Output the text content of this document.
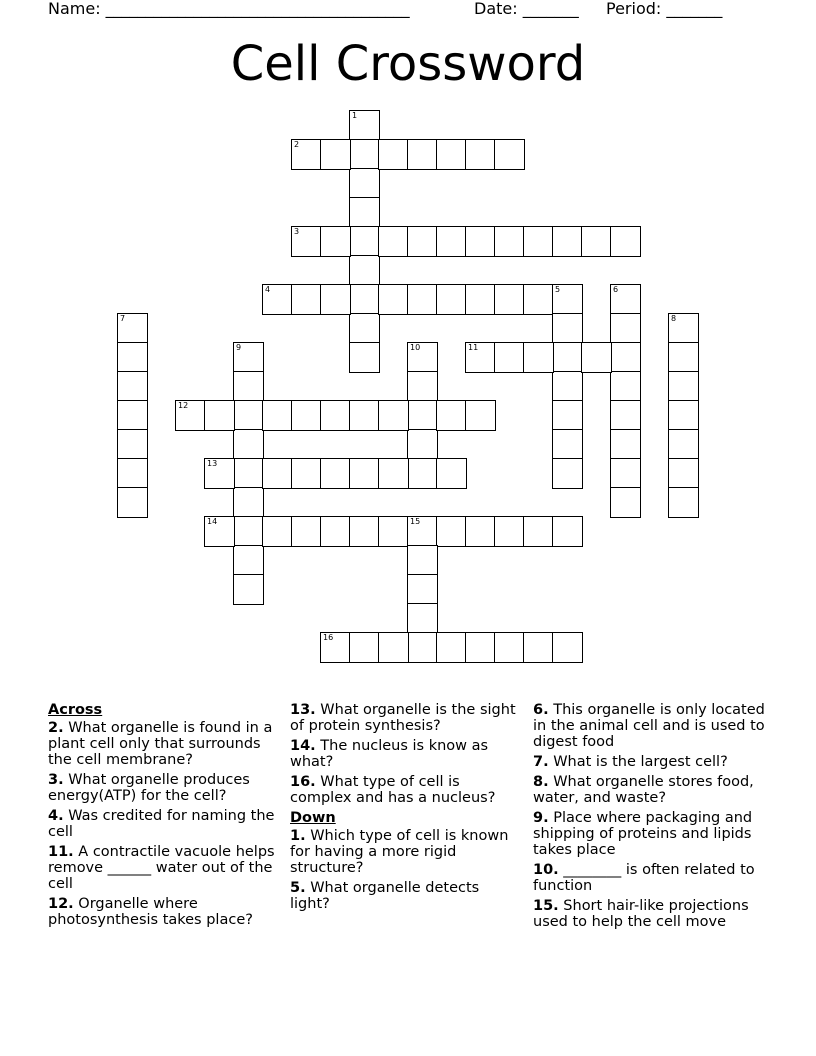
Name: ______________________________________	Date: _______ Period: _______
Cell Crossword
1
2
3
4	5	6
7	8
9	10	11
12
13
14	15
16
Across
2. What organelle is found in a plant cell only that surrounds the cell membrane?
3. What organelle produces energy(ATP) for the cell?
4. Was credited for naming the cell
11. A contractile vacuole helps remove ______ water out of the cell
12. Organelle where photosynthesis takes place?
13. What organelle is the sight of protein synthesis?
14. The nucleus is know as what?
16. What type of cell is complex and has a nucleus?
Down
1. Which type of cell is known for having a more rigid structure?
5. What organelle detects light?
6. This organelle is only located in the animal cell and is used to digest food
7. What is the largest cell?
8. What organelle stores food, water, and waste?
9. Place where packaging and shipping of proteins and lipids takes place
10. ________ is often related to function
15. Short hair-like projections used to help the cell move
